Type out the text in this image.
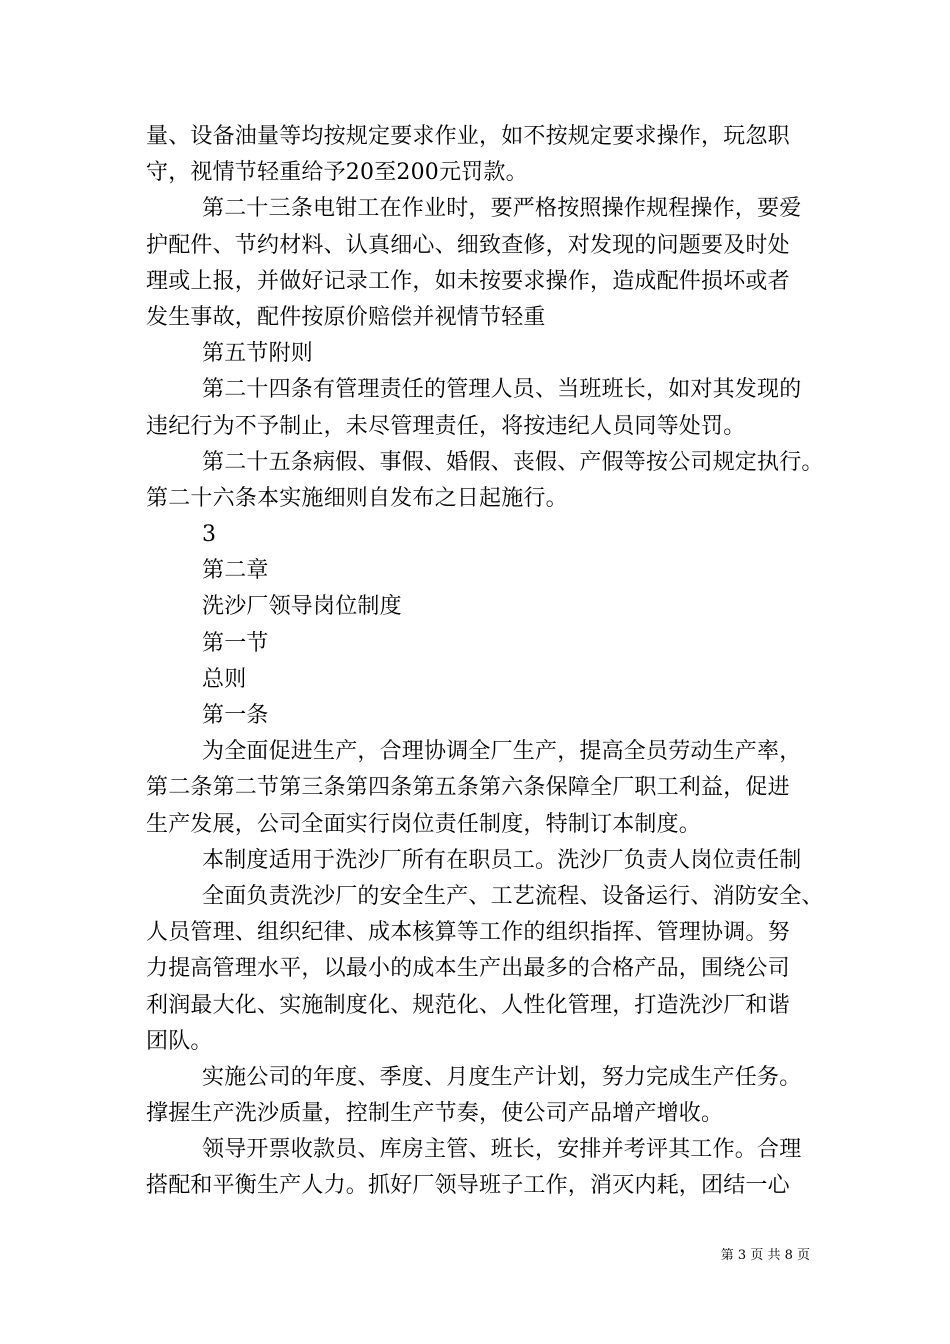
量、设备油量等均按规定要求作业，如不按规定要求操作，玩忽职
守，视情节轻重给予20至200元罚款。
第二十三条电钳工在作业时，要严格按照操作规程操作，要爱
护配件、节约材料、认真细心、细致查修，对发现的问题要及时处
理或上报，并做好记录工作，如未按要求操作，造成配件损坏或者
发生事故，配件按原价赔偿并视情节轻重
第五节附则
第二十四条有管理责任的管理人员、当班班长，如对其发现的
违纪行为不予制止，未尽管理责任，将按违纪人员同等处罚。
第二十五条病假、事假、婚假、丧假、产假等按公司规定执行。
第二十六条本实施细则自发布之日起施行。
3
第二章
洗沙厂领导岗位制度
第一节
总则
第一条
为全面促进生产，合理协调全厂生产，提高全员劳动生产率，
第二条第二节第三条第四条第五条第六条保障全厂职工利益，促进
生产发展，公司全面实行岗位责任制度，特制订本制度。
本制度适用于洗沙厂所有在职员工。洗沙厂负责人岗位责任制
全面负责洗沙厂的安全生产、工艺流程、设备运行、消防安全、
人员管理、组织纪律、成本核算等工作的组织指挥、管理协调。努
力提高管理水平，以最小的成本生产出最多的合格产品，围绕公司
利润最大化、实施制度化、规范化、人性化管理，打造洗沙厂和谐
团队。
实施公司的年度、季度、月度生产计划，努力完成生产任务。
撑握生产洗沙质量，控制生产节奏，使公司产品增产增收。
领导开票收款员、库房主管、班长，安排并考评其工作。合理
搭配和平衡生产人力。抓好厂领导班子工作，消灭内耗，团结一心
第 3 页 共 8 页
